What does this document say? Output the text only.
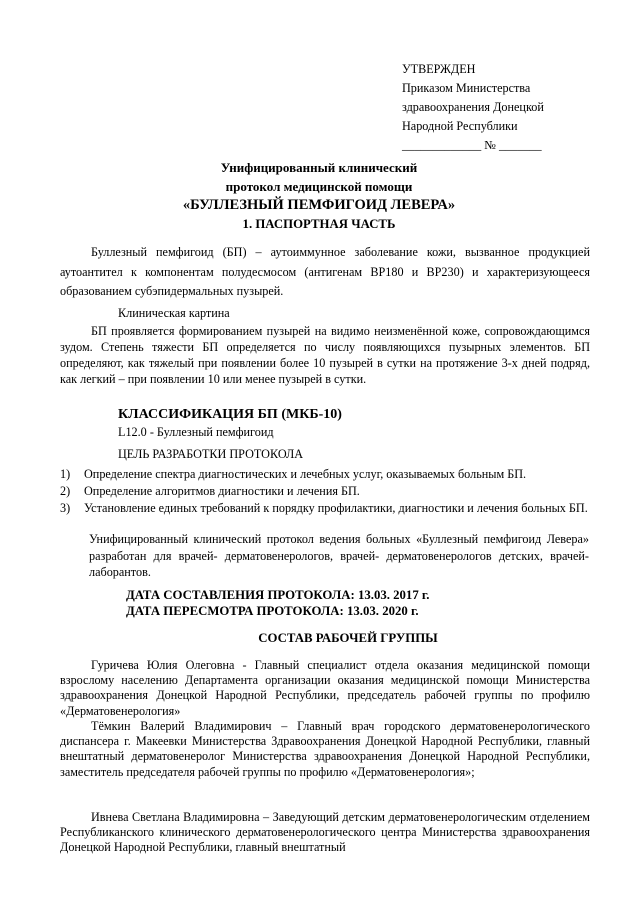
УТВЕРЖДЕН
Приказом Министерства
здравоохранения Донецкой
Народной Республики
_____________ № _______
Унифицированный клинический
протокол медицинской помощи
«БУЛЛЕЗНЫЙ ПЕМФИГОИД ЛЕВЕРА»
1. ПАСПОРТНАЯ ЧАСТЬ
Буллезный пемфигоид (БП) – аутоиммунное заболевание кожи, вызванное продукцией аутоантител к компонентам полудесмосом (антигенам BP180 и BP230) и характеризующееся образованием субэпидермальных пузырей.
Клиническая картина
БП проявляется формированием пузырей на видимо неизменённой коже, сопровождающимся зудом. Степень тяжести БП определяется по числу появляющихся пузырных элементов. БП определяют, как тяжелый при появлении более 10 пузырей в сутки на протяжение 3-х дней подряд, как легкий – при появлении 10 или менее пузырей в сутки.
КЛАССИФИКАЦИЯ БП (МКБ-10)
L12.0 - Буллезный пемфигоид
ЦЕЛЬ РАЗРАБОТКИ ПРОТОКОЛА
1) Определение спектра диагностических и лечебных услуг, оказываемых больным БП.
2) Определение алгоритмов диагностики и лечения БП.
3) Установление единых требований к порядку профилактики, диагностики и лечения больных БП.
Унифицированный клинический протокол ведения больных «Буллезный пемфигоид Левера» разработан для врачей- дерматовенерологов, врачей- дерматовенерологов детских, врачей-лаборантов.
ДАТА СОСТАВЛЕНИЯ ПРОТОКОЛА: 13.03. 2017 г.
ДАТА ПЕРЕСМОТРА ПРОТОКОЛА: 13.03. 2020 г.
СОСТАВ РАБОЧЕЙ ГРУППЫ
Гуричева Юлия Олеговна - Главный специалист отдела оказания медицинской помощи взрослому населению Департамента организации оказания медицинской помощи Министерства здравоохранения Донецкой Народной Республики, председатель рабочей группы по профилю «Дерматовенерология»
Тёмкин Валерий Владимирович – Главный врач городского дерматовенерологического диспансера г. Макеевки Министерства Здравоохранения Донецкой Народной Республики, главный внештатный дерматовенеролог Министерства здравоохранения Донецкой Народной Республики, заместитель председателя рабочей группы по профилю «Дерматовенерология»;
Ивнева Светлана Владимировна – Заведующий детским дерматовенерологическим отделением Республиканского клинического дерматовенерологического центра Министерства здравоохранения Донецкой Народной Республики, главный внештатный
